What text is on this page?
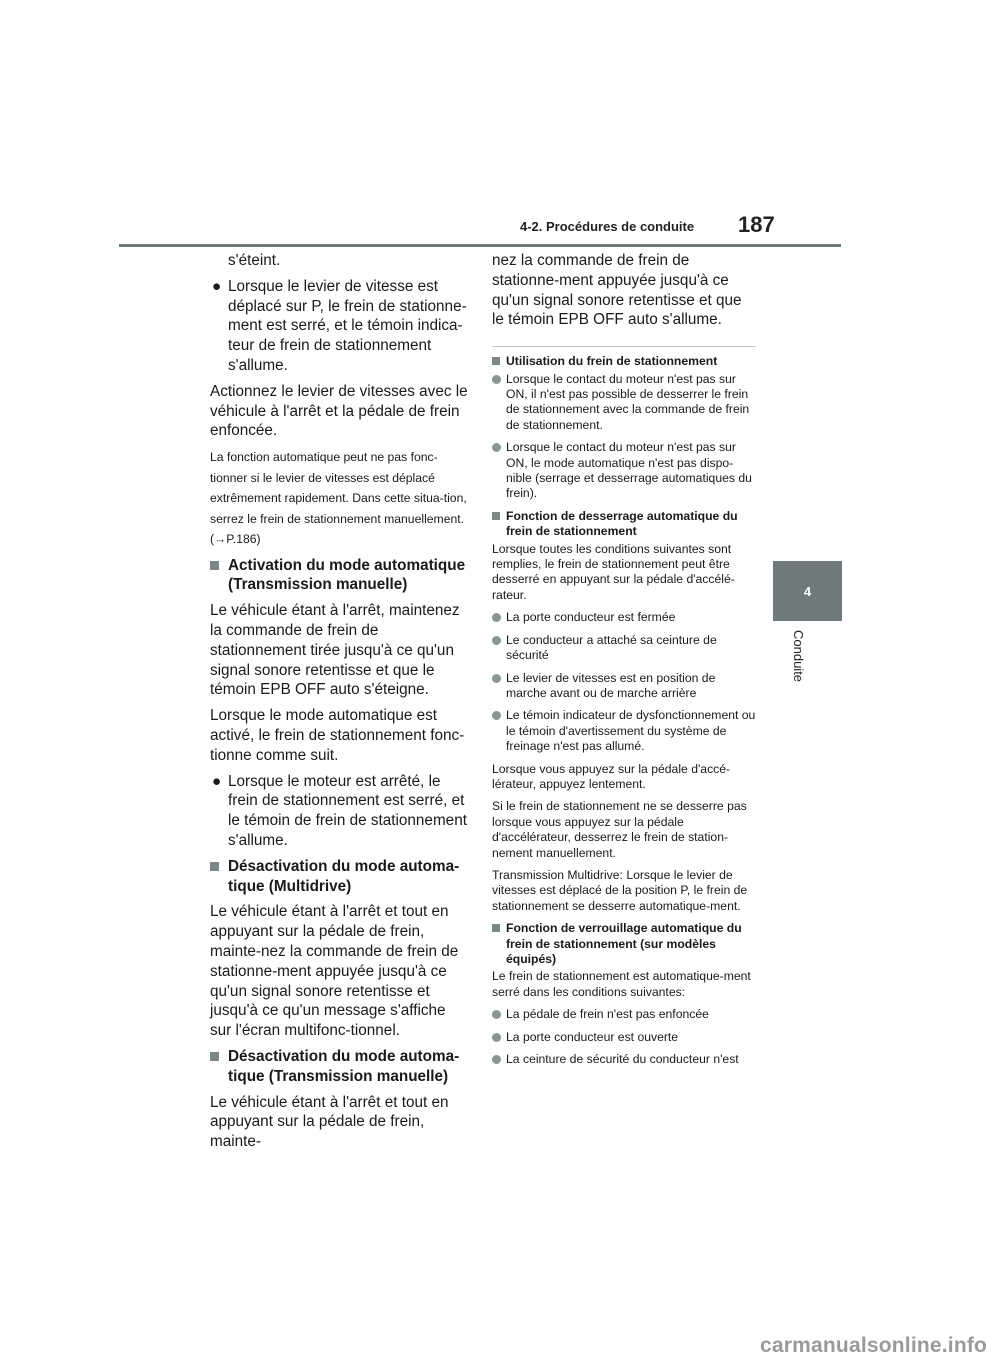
4-2. Procédures de conduite 187
4
Conduite

s'éteint.

● Lorsque le levier de vitesse est déplacé sur P, le frein de stationne-ment est serré, et le témoin indica-teur de frein de stationnement s'allume.

Actionnez le levier de vitesses avec le véhicule à l'arrêt et la pédale de frein enfoncée.

La fonction automatique peut ne pas fonc-tionner si le levier de vitesses est déplacé extrêmement rapidement. Dans cette situa-tion, serrez le frein de stationnement manuellement. (→P.186)

Activation du mode automatique (Transmission manuelle)

Le véhicule étant à l'arrêt, maintenez la commande de frein de stationnement tirée jusqu'à ce qu'un signal sonore retentisse et que le témoin EPB OFF auto s'éteigne.

Lorsque le mode automatique est activé, le frein de stationnement fonc-tionne comme suit.

● Lorsque le moteur est arrêté, le frein de stationnement est serré, et le témoin de frein de stationnement s'allume.
Désactivation du mode automa-tique (Multidrive)

Le véhicule étant à l'arrêt et tout en appuyant sur la pédale de frein, mainte-nez la commande de frein de stationne-ment appuyée jusqu'à ce qu'un signal sonore retentisse et jusqu'à ce qu'un message s'affiche sur l'écran multifonc-tionnel.

Désactivation du mode automa-tique (Transmission manuelle)

Le véhicule étant à l'arrêt et tout en appuyant sur la pédale de frein, mainte-

nez la commande de frein de stationne-ment appuyée jusqu'à ce qu'un signal sonore retentisse et que le témoin EPB OFF auto s'allume.

Utilisation du frein de stationnement
Lorsque le contact du moteur n'est pas sur ON, il n'est pas possible de desserrer le frein de stationnement avec la commande de frein de stationnement.
Lorsque le contact du moteur n'est pas sur ON, le mode automatique n'est pas dispo-nible (serrage et desserrage automatiques du frein).
Fonction de desserrage automatique du frein de stationnement

Lorsque toutes les conditions suivantes sont remplies, le frein de stationnement peut être desserré en appuyant sur la pédale d'accélé-rateur.

La porte conducteur est fermée
Le conducteur a attaché sa ceinture de sécurité
Le levier de vitesses est en position de marche avant ou de marche arrière
Le témoin indicateur de dysfonctionnement ou le témoin d'avertissement du système de freinage n'est pas allumé.

Lorsque vous appuyez sur la pédale d'accé-lérateur, appuyez lentement.

Si le frein de stationnement ne se desserre pas lorsque vous appuyez sur la pédale d'accélérateur, desserrez le frein de station-nement manuellement.

Transmission Multidrive: Lorsque le levier de vitesses est déplacé de la position P, le frein de stationnement se desserre automatique-ment.

Fonction de verrouillage automatique du frein de stationnement (sur modèles équipés)

Le frein de stationnement est automatique-ment serré dans les conditions suivantes:

La pédale de frein n'est pas enfoncée
La porte conducteur est ouverte
La ceinture de sécurité du conducteur n'est
carmanualsonline.info
